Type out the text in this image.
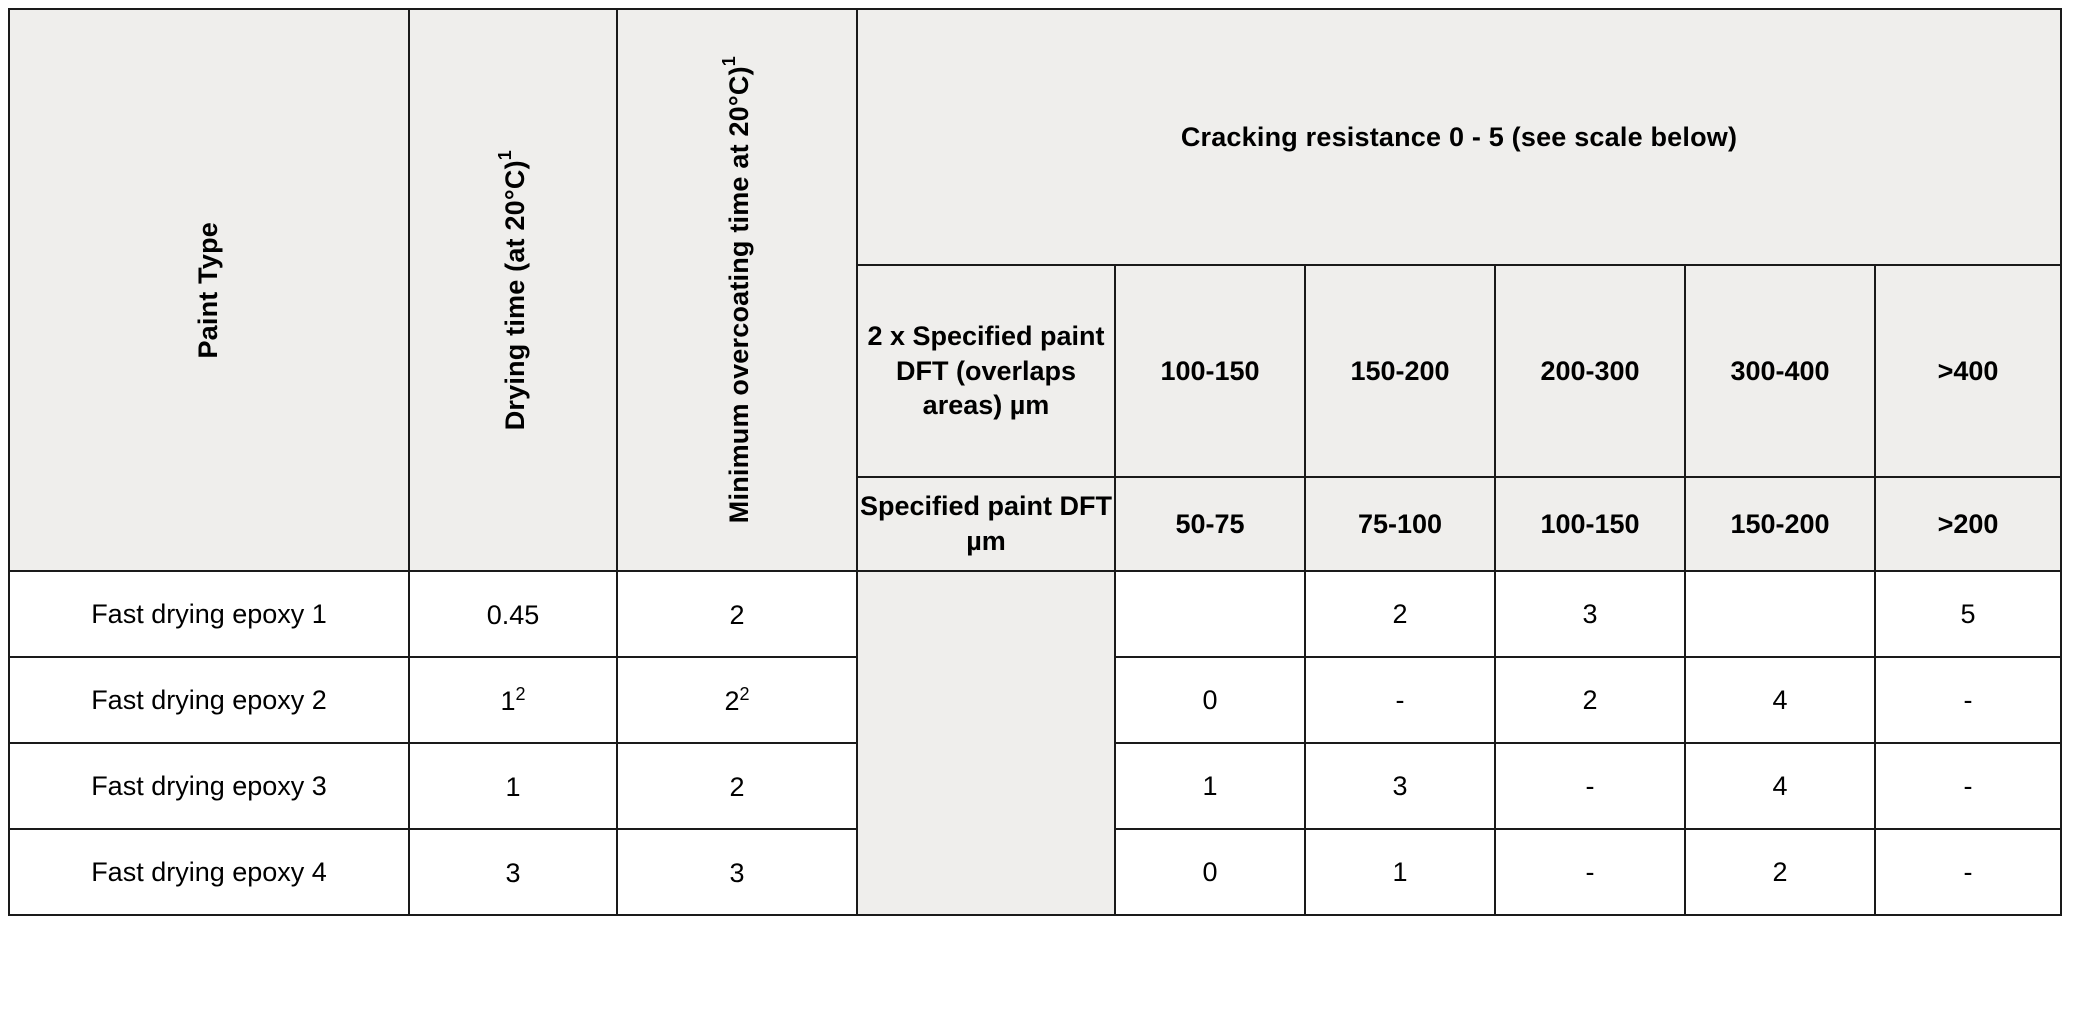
Paint Type	Drying time (at 20°C)$^1$	Minimum overcoating time at 20°C)$^1$	Cracking resistance 0 - 5 (see scale below)					
			2 x Specified paint DFT (overlaps areas) µm	100-150	150-200	200-300	300-400	>400
			Specified paint DFT µm	50-75	75-100	100-150	150-200	>200
Fast drying epoxy 1	0.45	2			2	3		5
Fast drying epoxy 2	$1^2$	$2^2$		0	-	2	4	-
Fast drying epoxy 3	1	2		1	3	-	4	-
Fast drying epoxy 4	3	3		0	1	-	2	-
